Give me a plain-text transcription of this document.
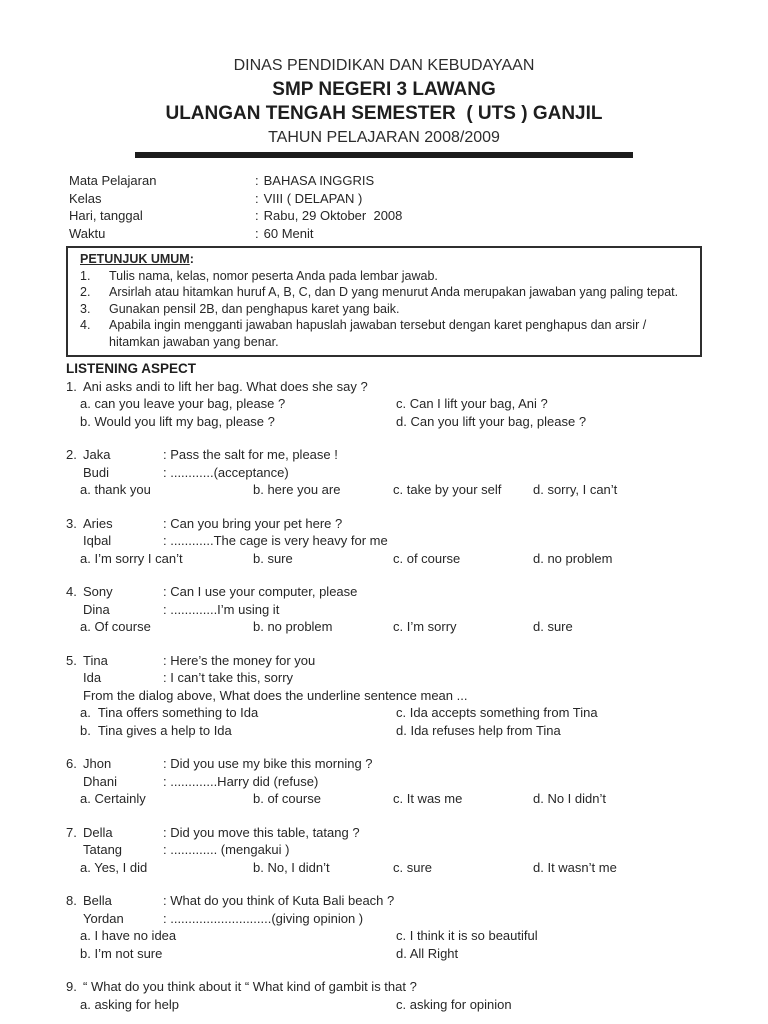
DINAS PENDIDIKAN DAN KEBUDAYAAN
SMP NEGERI 3 LAWANG
ULANGAN TENGAH SEMESTER  ( UTS ) GANJIL
TAHUN PELAJARAN 2008/2009
Mata Pelajaran	: BAHASA INGGRIS
Kelas	: VIII ( DELAPAN )
Hari, tanggal	: Rabu, 29 Oktober  2008
Waktu	: 60 Menit
PETUNJUK UMUM:
1.	Tulis nama, kelas, nomor peserta Anda pada lembar jawab.
2.	Arsirlah atau hitamkan huruf A, B, C, dan D yang menurut Anda merupakan jawaban yang paling tepat.
3.	Gunakan pensil 2B, dan penghapus karet yang baik.
4.	Apabila ingin mengganti jawaban hapuslah jawaban tersebut dengan karet penghapus dan arsir / hitamkan jawaban yang benar.
LISTENING ASPECT
1. Ani asks andi to lift her bag. What does she say ?
a. can you leave your bag, please ?	c. Can I lift your bag, Ani ?
b. Would you lift my bag, please ?	d. Can you lift your bag, please ?
2. Jaka	: Pass the salt for me, please !
Budi	: ............(acceptance)
a. thank you	b. here you are	c. take by your self	d. sorry, I can’t
3. Aries	: Can you bring your pet here ?
Iqbal	: ............The cage is very heavy for me
a. I’m sorry I can’t	b. sure	c. of course	d. no problem
4. Sony	: Can I use your computer, please
Dina	: .............I’m using it
a. Of course	b. no problem	c. I’m sorry	d. sure
5. Tina	: Here’s the money for you
Ida	: I can’t take this, sorry
From the dialog above, What does the underline sentence mean ...
a.  Tina offers something to Ida	c. Ida accepts something from Tina
b.  Tina gives a help to Ida	d. Ida refuses help from Tina
6. Jhon	: Did you use my bike this morning ?
Dhani	: .............Harry did (refuse)
a. Certainly	b. of course	c. It was me	d. No I didn’t
7. Della	: Did you move this table, tatang ?
Tatang	: ............. (mengakui )
a. Yes, I did	b. No, I didn’t	c. sure	d. It wasn’t me
8. Bella	: What do you think of Kuta Bali beach ?
Yordan	: ............................(giving opinion )
a. I have no idea	c. I think it is so beautiful
b. I’m not sure	d. All Right
9. “ What do you think about it “ What kind of gambit is that ?
a. asking for help	c. asking for opinion
